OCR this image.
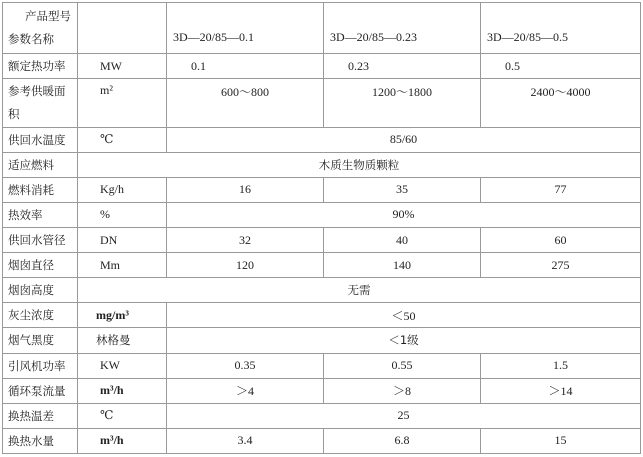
产品型号
参数名称		3D—20/85—0.1	3D—20/85—0.23	3D—20/85—0.5
额定热功率	MW	0.1	0.23	0.5

参考供暖面
积	m²	600～800	1200～1800	2400～4000
供回水温度	℃	85/60		
适应燃料	木质生物质颗粒			
燃料消耗	Kg/h	16	35	77
热效率	%	90%		
供回水管径	DN	32	40	60
烟囱直径	Mm	120	140	275
烟囱高度	无需			
灰尘浓度	mg/m³	＜50		
烟气黑度	林格曼	＜1级		
引风机功率	KW	0.35	0.55	1.5
循环泵流量	m³/h	＞4	＞8	＞14
换热温差	℃	25		
换热水量	m³/h	3.4	6.8	15
